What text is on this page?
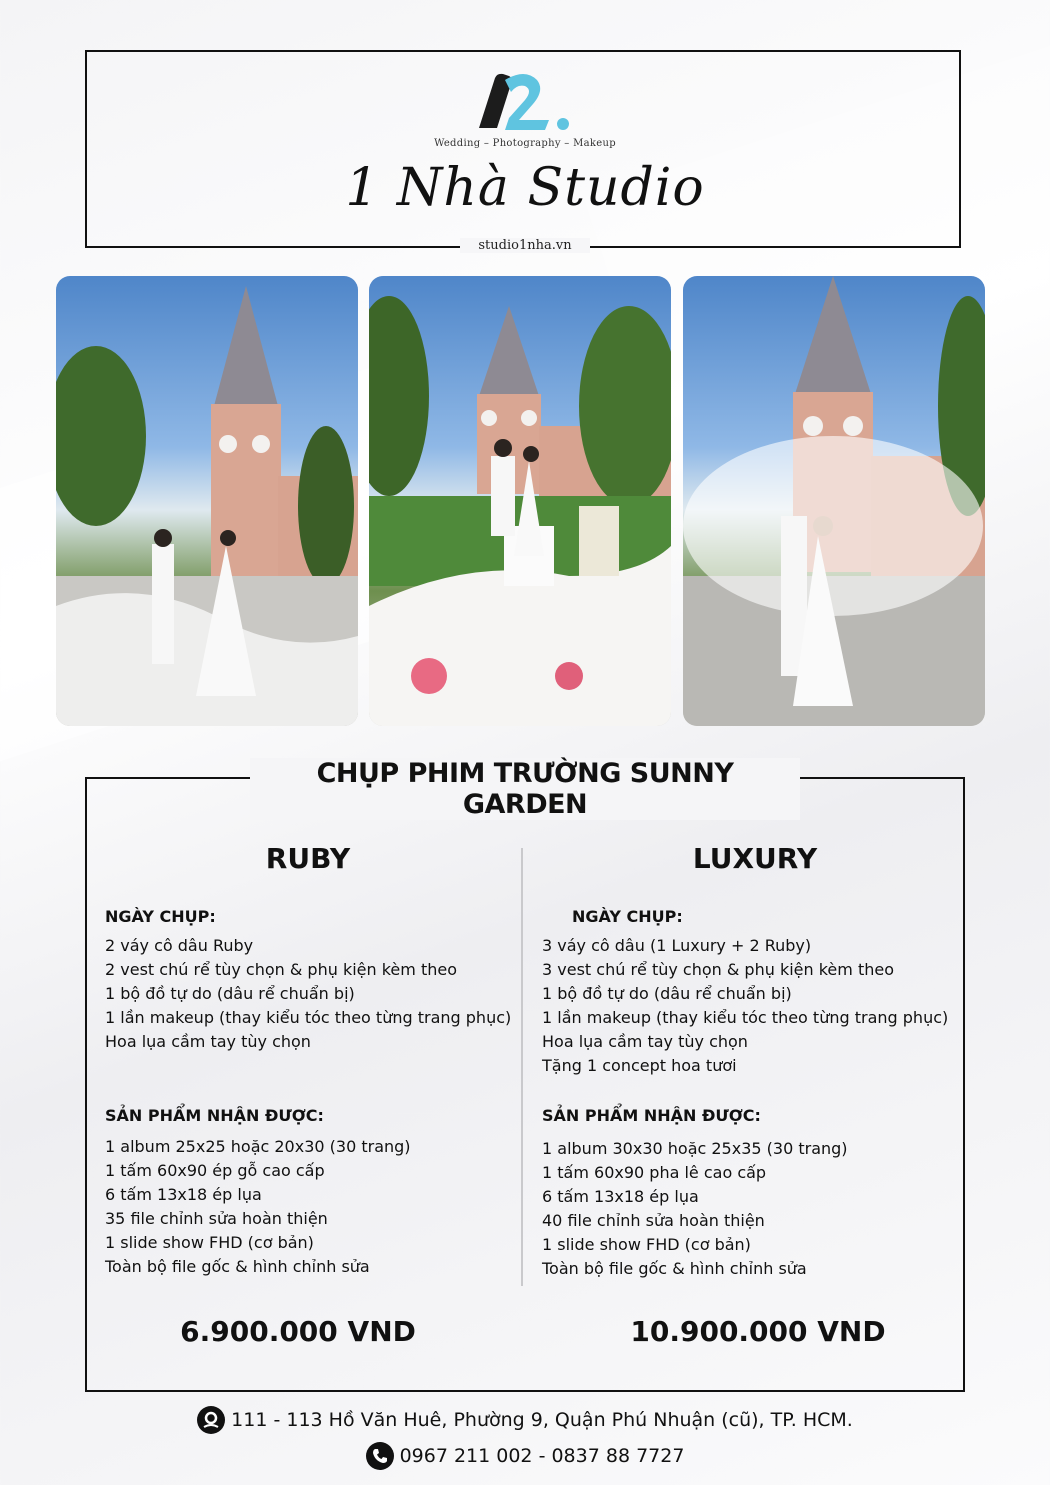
Wedding – Photography – Makeup
1 Nhà Studio
studio1nha.vn
CHỤP PHIM TRƯỜNG SUNNY GARDEN
RUBY
NGÀY CHỤP:
2 váy cô dâu Ruby
2 vest chú rể tùy chọn & phụ kiện kèm theo
1 bộ đồ tự do (dâu rể chuẩn bị)
1 lần makeup (thay kiểu tóc theo từng trang phục)
Hoa lụa cầm tay tùy chọn
SẢN PHẨM NHẬN ĐƯỢC:
1 album 25x25 hoặc 20x30 (30 trang)
1 tấm 60x90 ép gỗ cao cấp
6 tấm 13x18 ép lụa
35 file chỉnh sửa hoàn thiện
1 slide show FHD (cơ bản)
Toàn bộ file gốc & hình chỉnh sửa
6.900.000 VND
LUXURY
NGÀY CHỤP:
3 váy cô dâu (1 Luxury + 2 Ruby)
3 vest chú rể tùy chọn & phụ kiện kèm theo
1 bộ đồ tự do (dâu rể chuẩn bị)
1 lần makeup (thay kiểu tóc theo từng trang phục)
Hoa lụa cầm tay tùy chọn
Tặng 1 concept hoa tươi
SẢN PHẨM NHẬN ĐƯỢC:
1 album 30x30 hoặc 25x35 (30 trang)
1 tấm 60x90 pha lê cao cấp
6 tấm 13x18 ép lụa
40 file chỉnh sửa hoàn thiện
1 slide show FHD (cơ bản)
Toàn bộ file gốc & hình chỉnh sửa
10.900.000 VND
111 - 113 Hồ Văn Huê, Phường 9, Quận Phú Nhuận (cũ), TP. HCM.
0967 211 002 - 0837 88 7727
